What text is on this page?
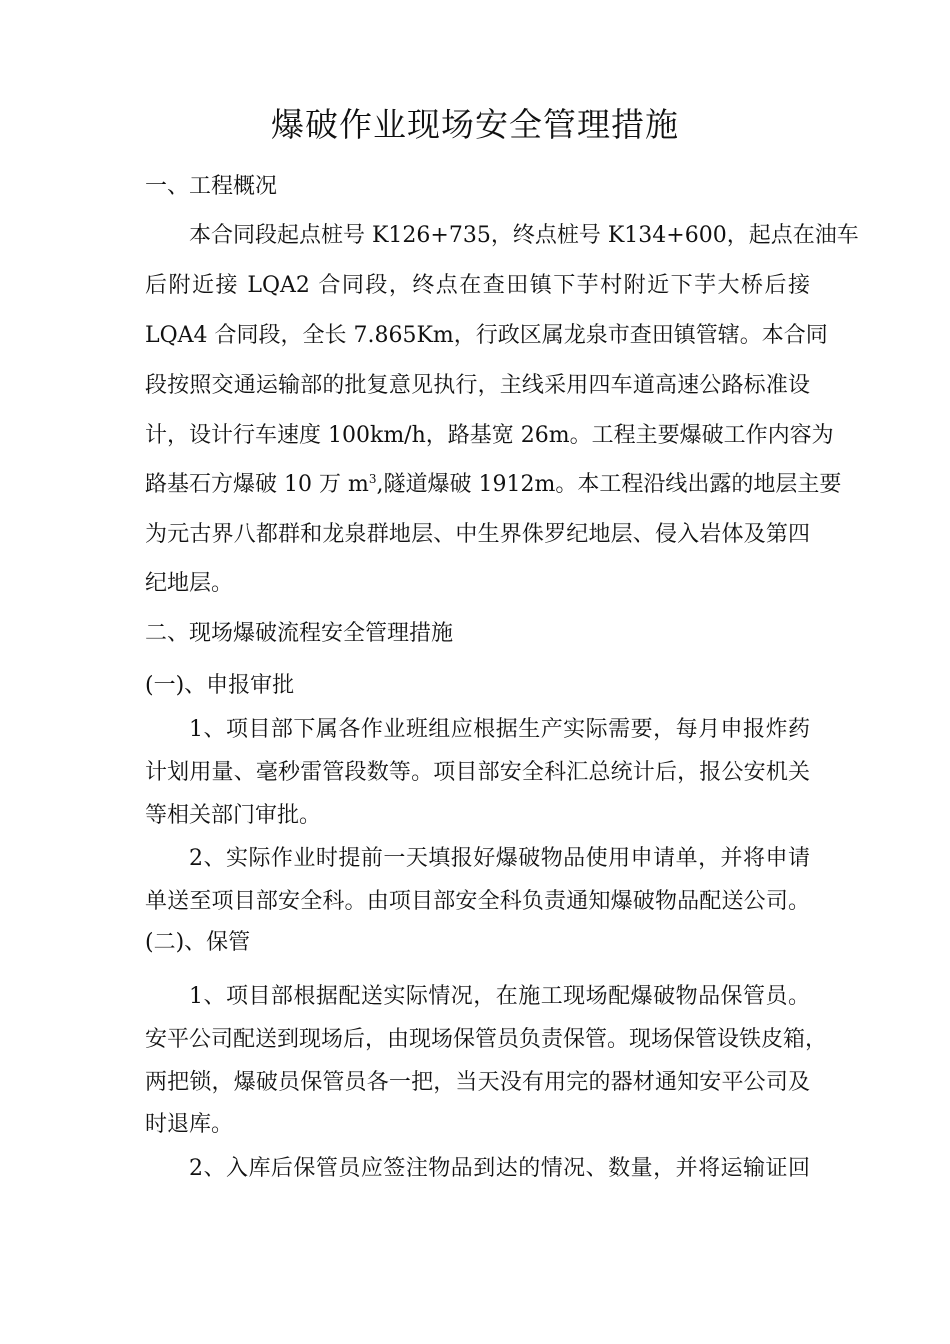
爆破作业现场安全管理措施
一、工程概况
本合同段起点桩号 K126+735，终点桩号 K134+600，起点在油车
后附近接 LQA2 合同段，终点在查田镇下芋村附近下芋大桥后接
LQA4 合同段，全长 7.865Km，行政区属龙泉市查田镇管辖。本合同
段按照交通运输部的批复意见执行，主线采用四车道高速公路标准设
计，设计行车速度 100km/h，路基宽 26m。工程主要爆破工作内容为
路基石方爆破 10 万 $m^3$,隧道爆破 1912m。本工程沿线出露的地层主要
为元古界八都群和龙泉群地层、中生界侏罗纪地层、侵入岩体及第四
纪地层。
二、现场爆破流程安全管理措施
(一)、申报审批
1、项目部下属各作业班组应根据生产实际需要，每月申报炸药
计划用量、毫秒雷管段数等。项目部安全科汇总统计后，报公安机关
等相关部门审批。
2、实际作业时提前一天填报好爆破物品使用申请单，并将申请
单送至项目部安全科。由项目部安全科负责通知爆破物品配送公司。
(二)、保管
1、项目部根据配送实际情况，在施工现场配爆破物品保管员。
安平公司配送到现场后，由现场保管员负责保管。现场保管设铁皮箱，
两把锁，爆破员保管员各一把，当天没有用完的器材通知安平公司及
时退库。
2、入库后保管员应签注物品到达的情况、数量，并将运输证回
